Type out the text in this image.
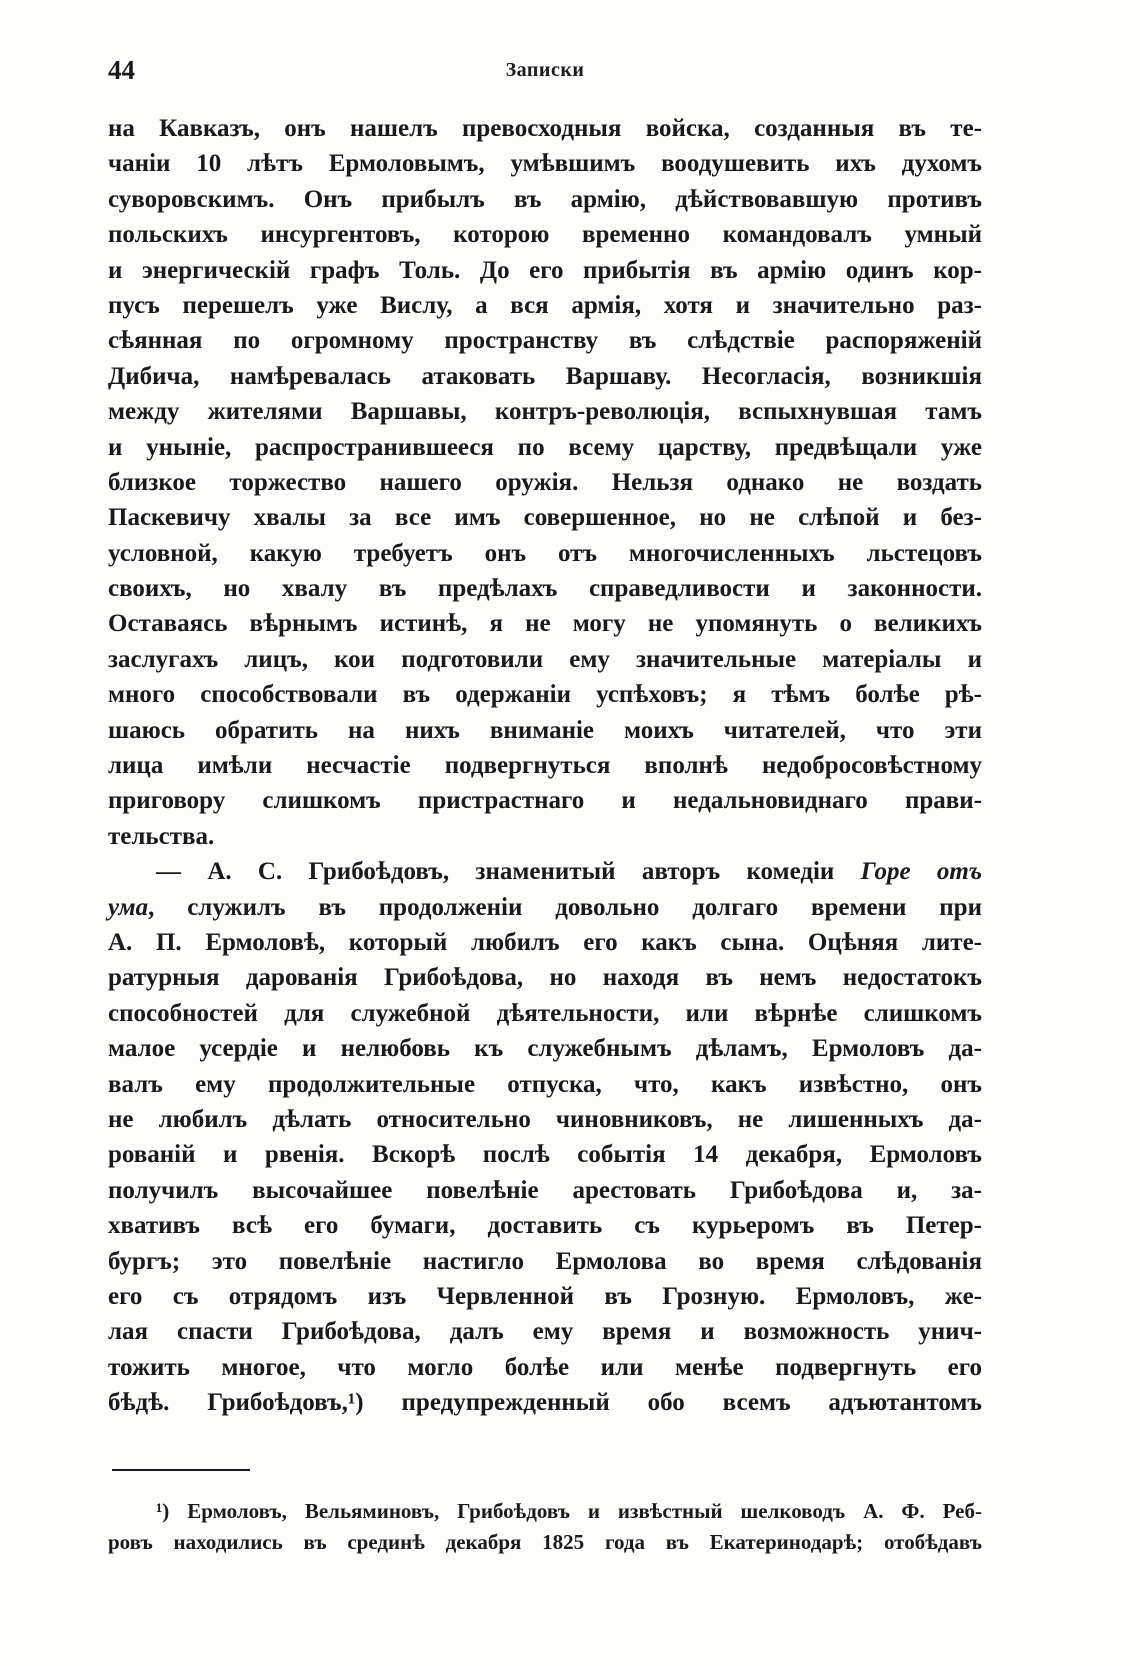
44	Записки
на Кавказъ, онъ нашелъ превосходныя войска, созданныя въ те-
чаніи 10 лѣтъ Ермоловымъ, умѣвшимъ воодушевить ихъ духомъ
суворовскимъ. Онъ прибылъ въ армію, дѣйствовавшую противъ
польскихъ инсургентовъ, которою временно командовалъ умный
и энергическій графъ Толь. До его прибытія въ армію одинъ кор-
пусъ перешелъ уже Вислу, а вся армія, хотя и значительно раз-
сѣянная по огромному пространству въ слѣдствіе распоряженій
Дибича, намѣревалась атаковать Варшаву. Несогласія, возникшія
между жителями Варшавы, контръ-революція, вспыхнувшая тамъ
и уныніе, распространившееся по всему царству, предвѣщали уже
близкое торжество нашего оружія. Нельзя однако не воздать
Паскевичу хвалы за все имъ совершенное, но не слѣпой и без-
условной, какую требуетъ онъ отъ многочисленныхъ льстецовъ
своихъ, но хвалу въ предѣлахъ справедливости и законности.
Оставаясь вѣрнымъ истинѣ, я не могу не упомянуть о великихъ
заслугахъ лицъ, кои подготовили ему значительные матеріалы и
много способствовали въ одержаніи успѣховъ; я тѣмъ болѣе рѣ-
шаюсь обратить на нихъ вниманіе моихъ читателей, что эти
лица имѣли несчастіе подвергнуться вполнѣ недобросовѣстному
приговору слишкомъ пристрастнаго и недальновиднаго прави-
тельства.
— А. С. Грибоѣдовъ, знаменитый авторъ комедіи Горе отъ
ума, служилъ въ продолженіи довольно долгаго времени при
А. П. Ермоловѣ, который любилъ его какъ сына. Оцѣняя лите-
ратурныя дарованія Грибоѣдова, но находя въ немъ недостатокъ
способностей для служебной дѣятельности, или вѣрнѣе слишкомъ
малое усердіе и нелюбовь къ служебнымъ дѣламъ, Ермоловъ да-
валъ ему продолжительные отпуска, что, какъ извѣстно, онъ
не любилъ дѣлать относительно чиновниковъ, не лишенныхъ да-
рованій и рвенія. Вскорѣ послѣ событія 14 декабря, Ермоловъ
получилъ высочайшее повелѣніе арестовать Грибоѣдова и, за-
хвативъ всѣ его бумаги, доставить съ курьеромъ въ Петер-
бургъ; это повелѣніе настигло Ермолова во время слѣдованія
его съ отрядомъ изъ Червленной въ Грозную. Ермоловъ, же-
лая спасти Грибоѣдова, далъ ему время и возможность унич-
тожить многое, что могло болѣе или менѣе подвергнуть его
бѣдѣ. Грибоѣдовъ,¹) предупрежденный обо всемъ адъютантомъ
¹) Ермоловъ, Вельяминовъ, Грибоѣдовъ и извѣстный шелководъ А. Ф. Реб-
ровъ находились въ срединѣ декабря 1825 года въ Екатеринодарѣ; отобѣдавъ
